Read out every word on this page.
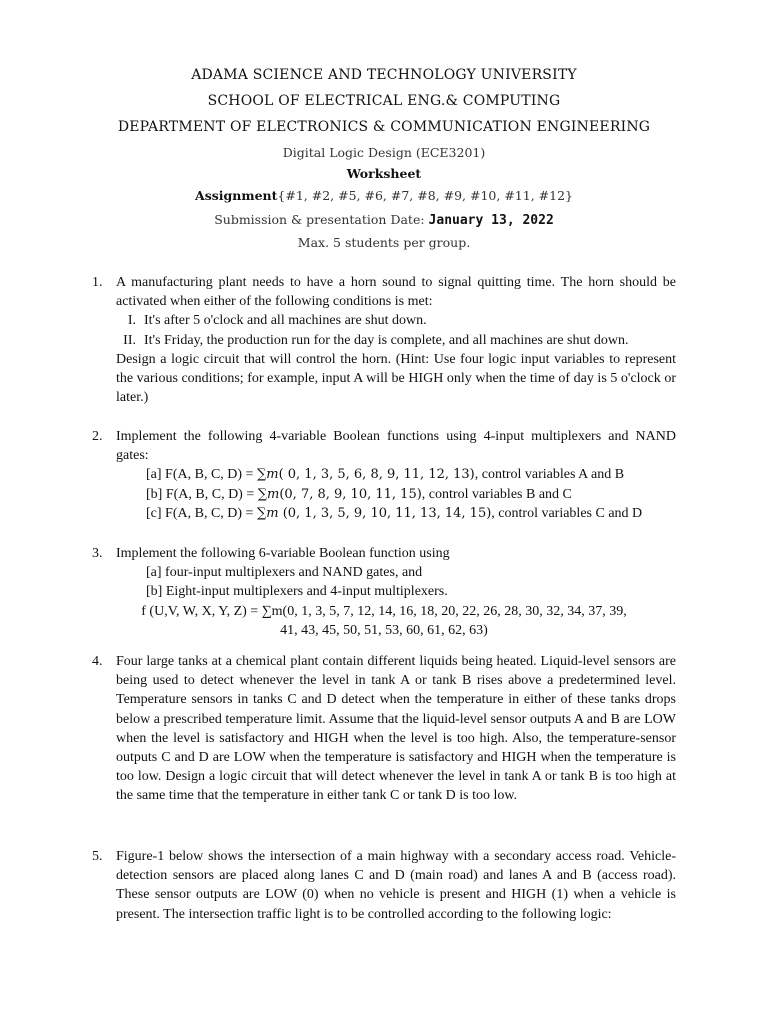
ADAMA SCIENCE AND TECHNOLOGY UNIVERSITY
SCHOOL OF ELECTRICAL ENG.& COMPUTING
DEPARTMENT OF ELECTRONICS & COMMUNICATION ENGINEERING
Digital Logic Design (ECE3201)
Worksheet
Assignment{#1, #2, #5, #6, #7, #8, #9, #10, #11, #12}
Submission & presentation Date: January 13, 2022
Max. 5 students per group.
1. A manufacturing plant needs to have a horn sound to signal quitting time. The horn should be activated when either of the following conditions is met:
I. It's after 5 o'clock and all machines are shut down.
II. It's Friday, the production run for the day is complete, and all machines are shut down.
Design a logic circuit that will control the horn. (Hint: Use four logic input variables to represent the various conditions; for example, input A will be HIGH only when the time of day is 5 o'clock or later.)
2. Implement the following 4-variable Boolean functions using 4-input multiplexers and NAND gates:
[a] F(A, B, C, D) = ∑m( 0, 1, 3, 5, 6, 8, 9, 11, 12, 13), control variables A and B
[b] F(A, B, C, D) = ∑m(0, 7, 8, 9, 10, 11, 15), control variables B and C
[c] F(A, B, C, D) = ∑m (0, 1, 3, 5, 9, 10, 11, 13, 14, 15), control variables C and D
3. Implement the following 6-variable Boolean function using
[a] four-input multiplexers and NAND gates, and
[b] Eight-input multiplexers and 4-input multiplexers.
f (U,V, W, X, Y, Z) = ∑m(0, 1, 3, 5, 7, 12, 14, 16, 18, 20, 22, 26, 28, 30, 32, 34, 37, 39,
41, 43, 45, 50, 51, 53, 60, 61, 62, 63)
4. Four large tanks at a chemical plant contain different liquids being heated. Liquid-level sensors are being used to detect whenever the level in tank A or tank B rises above a predetermined level. Temperature sensors in tanks C and D detect when the temperature in either of these tanks drops below a prescribed temperature limit. Assume that the liquid-level sensor outputs A and B are LOW when the level is satisfactory and HIGH when the level is too high. Also, the temperature-sensor outputs C and D are LOW when the temperature is satisfactory and HIGH when the temperature is too low. Design a logic circuit that will detect whenever the level in tank A or tank B is too high at the same time that the temperature in either tank C or tank D is too low.
5. Figure-1 below shows the intersection of a main highway with a secondary access road. Vehicle-detection sensors are placed along lanes C and D (main road) and lanes A and B (access road). These sensor outputs are LOW (0) when no vehicle is present and HIGH (1) when a vehicle is present. The intersection traffic light is to be controlled according to the following logic:
